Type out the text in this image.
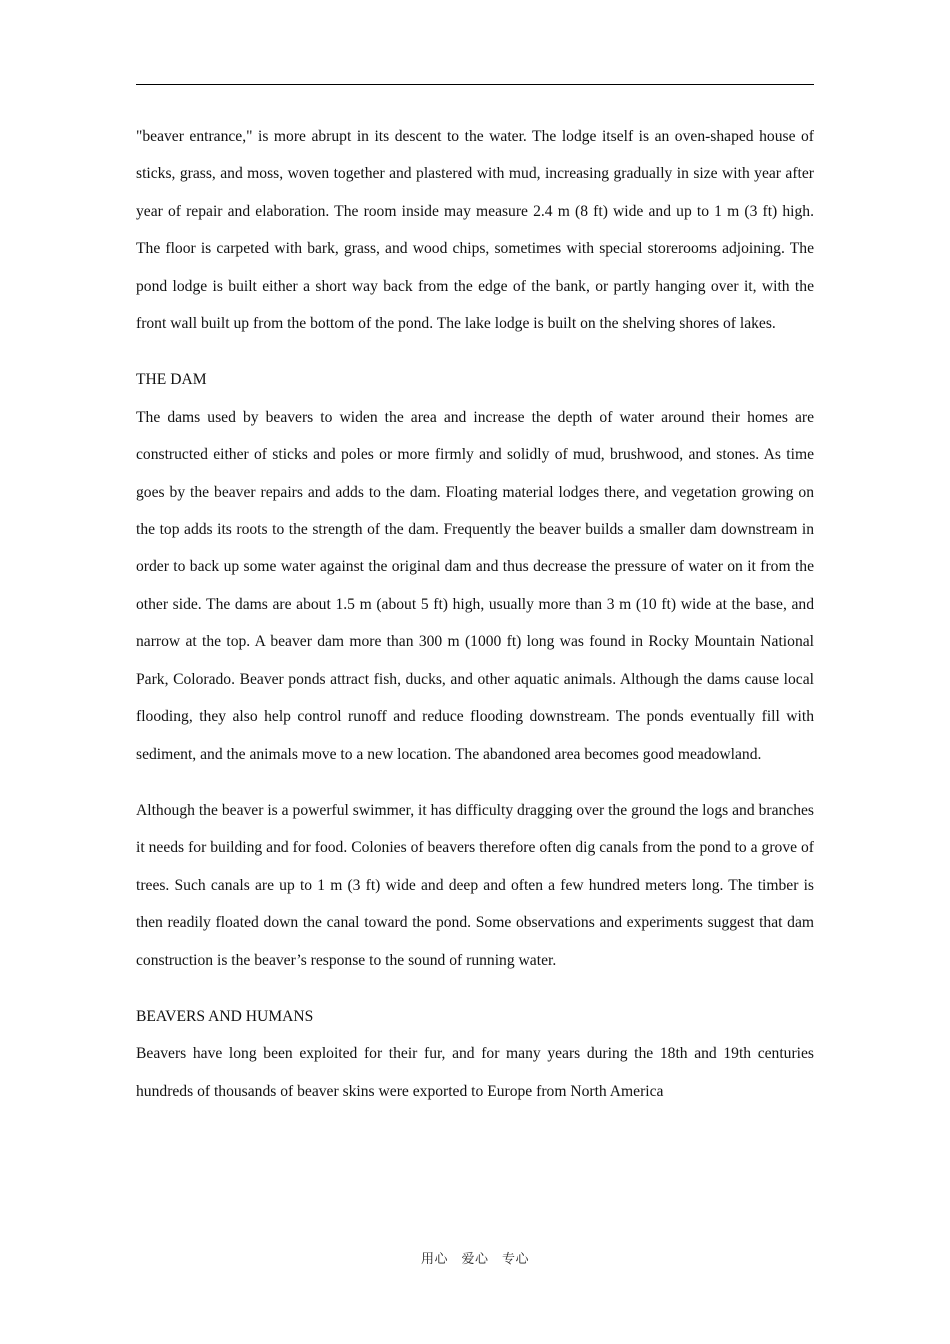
"beaver entrance," is more abrupt in its descent to the water. The lodge itself is an oven-shaped house of sticks, grass, and moss, woven together and plastered with mud, increasing gradually in size with year after year of repair and elaboration. The room inside may measure 2.4 m (8 ft) wide and up to 1 m (3 ft) high. The floor is carpeted with bark, grass, and wood chips, sometimes with special storerooms adjoining. The pond lodge is built either a short way back from the edge of the bank, or partly hanging over it, with the front wall built up from the bottom of the pond. The lake lodge is built on the shelving shores of lakes.

THE DAM

The dams used by beavers to widen the area and increase the depth of water around their homes are constructed either of sticks and poles or more firmly and solidly of mud, brushwood, and stones. As time goes by the beaver repairs and adds to the dam. Floating material lodges there, and vegetation growing on the top adds its roots to the strength of the dam. Frequently the beaver builds a smaller dam downstream in order to back up some water against the original dam and thus decrease the pressure of water on it from the other side. The dams are about 1.5 m (about 5 ft) high, usually more than 3 m (10 ft) wide at the base, and narrow at the top. A beaver dam more than 300 m (1000 ft) long was found in Rocky Mountain National Park, Colorado. Beaver ponds attract fish, ducks, and other aquatic animals. Although the dams cause local flooding, they also help control runoff and reduce flooding downstream. The ponds eventually fill with sediment, and the animals move to a new location. The abandoned area becomes good meadowland.

Although the beaver is a powerful swimmer, it has difficulty dragging over the ground the logs and branches it needs for building and for food. Colonies of beavers therefore often dig canals from the pond to a grove of trees. Such canals are up to 1 m (3 ft) wide and deep and often a few hundred meters long. The timber is then readily floated down the canal toward the pond. Some observations and experiments suggest that dam construction is the beaver’s response to the sound of running water.

BEAVERS AND HUMANS

Beavers have long been exploited for their fur, and for many years during the 18th and 19th centuries hundreds of thousands of beaver skins were exported to Europe from North America

用心　爱心　专心
